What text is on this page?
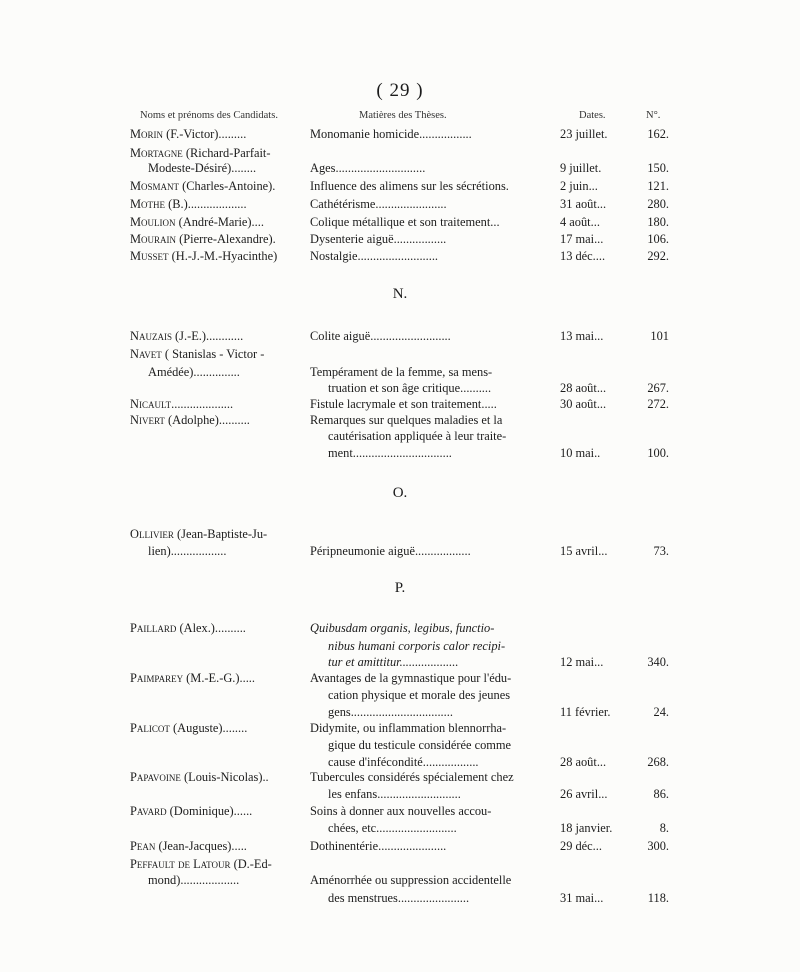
( 29 )
Noms et prénoms des Candidats.	Matières des Thèses.	Dates.	N°.
N.
O.
P.
Morin (F.-Victor).........	Monomanie homicide.................	23 juillet.	162.
Mortagne (Richard-Parfait-
Modeste-Désiré)........	Ages.............................	9 juillet.	150.
Mosmant (Charles-Antoine).	Influence des alimens sur les sécrétions.	2 juin...	121.
Mothe (B.)...................	Cathétérisme.......................	31 août...	280.
Moulion (André-Marie)....	Colique métallique et son traitement...	4 août...	180.
Mourain (Pierre-Alexandre).	Dysenterie aiguë.................	17 mai...	106.
Musset (H.-J.-M.-Hyacinthe)	Nostalgie..........................	13 déc....	292.
Nauzais (J.-E.)............	Colite aiguë..........................	13 mai...	101
Navet ( Stanislas - Victor -
Amédée)...............	Tempérament de la femme, sa mens-
truation et son âge critique..........	28 août...	267.
Nicault....................	Fistule lacrymale et son traitement.....	30 août...	272.
Nivert (Adolphe)..........	Remarques sur quelques maladies et la
cautérisation appliquée à leur traite-
ment................................	10 mai..	100.
Ollivier (Jean-Baptiste-Ju-
lien)..................	Péripneumonie aiguë..................	15 avril...	73.
Paillard (Alex.)..........	Quibusdam organis, legibus, functio-
nibus humani corporis calor recipi-
tur et amittitur...................	12 mai...	340.
Paimparey (M.-E.-G.).....	Avantages de la gymnastique pour l'édu-
cation physique et morale des jeunes
gens.................................	11 février.	24.
Palicot (Auguste)........	Didymite, ou inflammation blennorrha-
gique du testicule considérée comme
cause d'infécondité..................	28 août...	268.
Papavoine (Louis-Nicolas)..	Tubercules considérés spécialement chez
les enfans...........................	26 avril...	86.
Pavard (Dominique)......	Soins à donner aux nouvelles accou-
chées, etc..........................	18 janvier.	8.
Pean (Jean-Jacques).....	Dothinentérie......................	29 déc...	300.
Peffault de Latour (D.-Ed-
mond)...................	Aménorrhée ou suppression accidentelle
des menstrues.......................	31 mai...	118.
